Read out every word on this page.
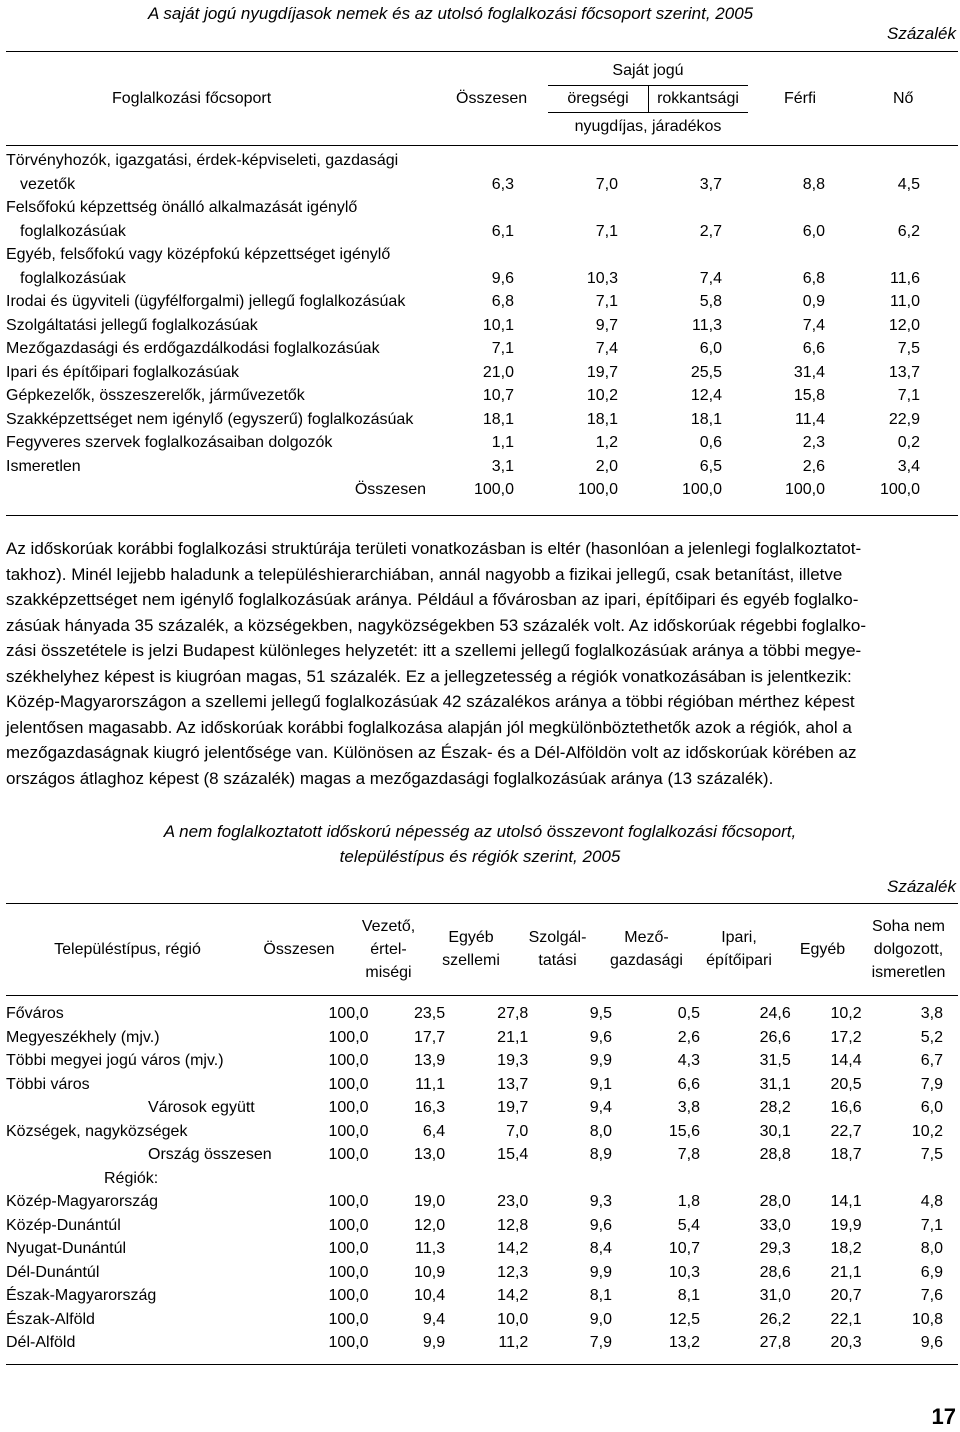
A saját jogú nyugdíjasok nemek és az utolsó foglalkozási főcsoport szerint, 2005
Százalék
Foglalkozási főcsoport	Összesen
Saját jogú
öregségi	rokkantsági
nyugdíjas, járadékos
Férfi	Nő
Törvényhozók, igazgatási, érdek-képviseleti, gazdasági					
vezetők	6,3	7,0	3,7	8,8	4,5
Felsőfokú képzettség önálló alkalmazását igénylő					
foglalkozásúak	6,1	7,1	2,7	6,0	6,2
Egyéb, felsőfokú vagy középfokú képzettséget igénylő					
foglalkozásúak	9,6	10,3	7,4	6,8	11,6
Irodai és ügyviteli (ügyfélforgalmi) jellegű foglalkozásúak	6,8	7,1	5,8	0,9	11,0
Szolgáltatási jellegű foglalkozásúak	10,1	9,7	11,3	7,4	12,0
Mezőgazdasági és erdőgazdálkodási foglalkozásúak	7,1	7,4	6,0	6,6	7,5
Ipari és építőipari foglalkozásúak	21,0	19,7	25,5	31,4	13,7
Gépkezelők, összeszerelők, járművezetők	10,7	10,2	12,4	15,8	7,1
Szakképzettséget nem igénylő (egyszerű) foglalkozásúak	18,1	18,1	18,1	11,4	22,9
Fegyveres szervek foglalkozásaiban dolgozók	1,1	1,2	0,6	2,3	0,2
Ismeretlen	3,1	2,0	6,5	2,6	3,4
Összesen	100,0	100,0	100,0	100,0	100,0
Az időskorúak korábbi foglalkozási struktúrája területi vonatkozásban is eltér (hasonlóan a jelenlegi foglalkoztatot-
takhoz). Minél lejjebb haladunk a településhierarchiában, annál nagyobb a fizikai jellegű, csak betanítást, illetve
szakképzettséget nem igénylő foglalkozásúak aránya. Például a fővárosban az ipari, építőipari és egyéb foglalko-
zásúak hányada 35 százalék, a községekben, nagyközségekben 53 százalék volt. Az időskorúak régebbi foglalko-
zási összetétele is jelzi Budapest különleges helyzetét: itt a szellemi jellegű foglalkozásúak aránya a többi megye-
székhelyhez képest is kiugróan magas, 51 százalék. Ez a jellegzetesség a régiók vonatkozásában is jelentkezik:
Közép-Magyarországon a szellemi jellegű foglalkozásúak 42 százalékos aránya a többi régióban mérthez képest
jelentősen magasabb. Az időskorúak korábbi foglalkozása alapján jól megkülönböztethetők azok a régiók, ahol a
mezőgazdaságnak kiugró jelentősége van. Különösen az Észak- és a Dél-Alföldön volt az időskorúak körében az
országos átlaghoz képest (8 százalék) magas a mezőgazdasági foglalkozásúak aránya (13 százalék).
A nem foglalkoztatott időskorú népesség az utolsó összevont foglalkozási főcsoport,
településtípus és régiók szerint, 2005
Százalék
Településtípus, régió	Összesen
Vezető,
értel-
miségi
Egyéb
szellemi
Szolgál-
tatási
Mező-
gazdasági
Ipari,
építőipari
Egyéb
Soha nem
dolgozott,
ismeretlen
Főváros	100,0	23,5	27,8	9,5	0,5	24,6	10,2	3,8
Megyeszékhely (mjv.)	100,0	17,7	21,1	9,6	2,6	26,6	17,2	5,2
Többi megyei jogú város (mjv.)	100,0	13,9	19,3	9,9	4,3	31,5	14,4	6,7
Többi város	100,0	11,1	13,7	9,1	6,6	31,1	20,5	7,9
Városok együtt	100,0	16,3	19,7	9,4	3,8	28,2	16,6	6,0
Községek, nagyközségek	100,0	6,4	7,0	8,0	15,6	30,1	22,7	10,2
Ország összesen	100,0	13,0	15,4	8,9	7,8	28,8	18,7	7,5
Régiók:								
Közép-Magyarország	100,0	19,0	23,0	9,3	1,8	28,0	14,1	4,8
Közép-Dunántúl	100,0	12,0	12,8	9,6	5,4	33,0	19,9	7,1
Nyugat-Dunántúl	100,0	11,3	14,2	8,4	10,7	29,3	18,2	8,0
Dél-Dunántúl	100,0	10,9	12,3	9,9	10,3	28,6	21,1	6,9
Észak-Magyarország	100,0	10,4	14,2	8,1	8,1	31,0	20,7	7,6
Észak-Alföld	100,0	9,4	10,0	9,0	12,5	26,2	22,1	10,8
Dél-Alföld	100,0	9,9	11,2	7,9	13,2	27,8	20,3	9,6
17
